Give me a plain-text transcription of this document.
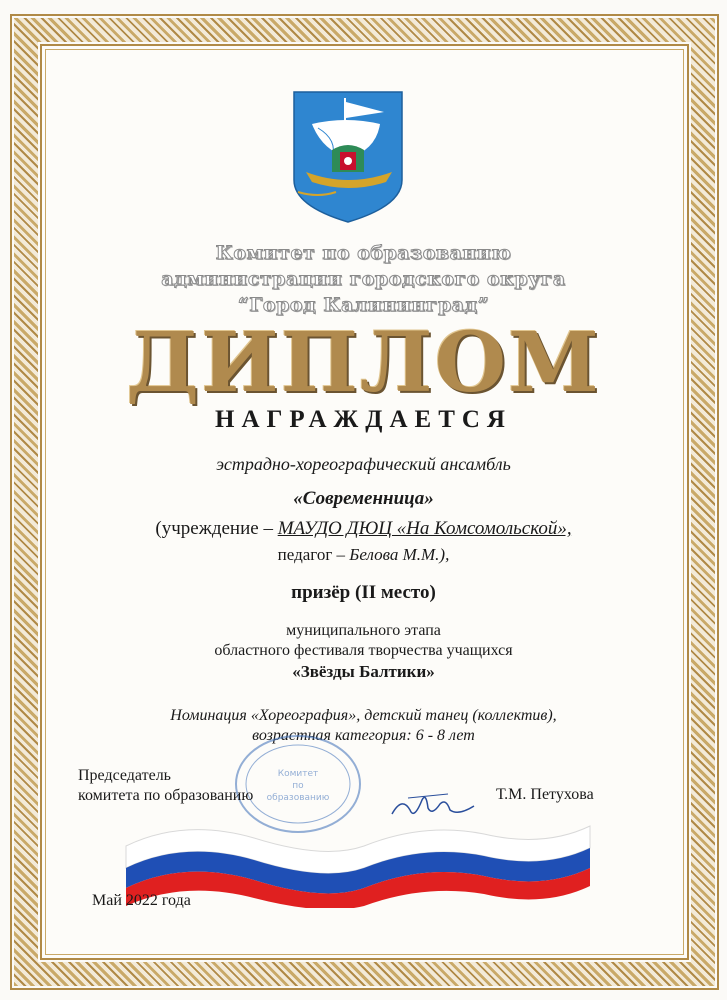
Комитет по образованию
администрации городского округа
“Город Калининград”
ДИПЛОМ
НАГРАЖДАЕТСЯ
эстрадно-хореографический ансамбль
«Современница»
(учреждение – МАУДО ДЮЦ «На Комсомольской»,
педагог – Белова М.М.),
призёр (II место)
муниципального этапа
областного фестиваля творчества учащихся
«Звёзды Балтики»
Номинация «Хореография», детский танец (коллектив),
возрастная категория: 6 - 8 лет
Комитет
по
образованию
Председатель
комитета по образованию	Т.М. Петухова
Май 2022 года
